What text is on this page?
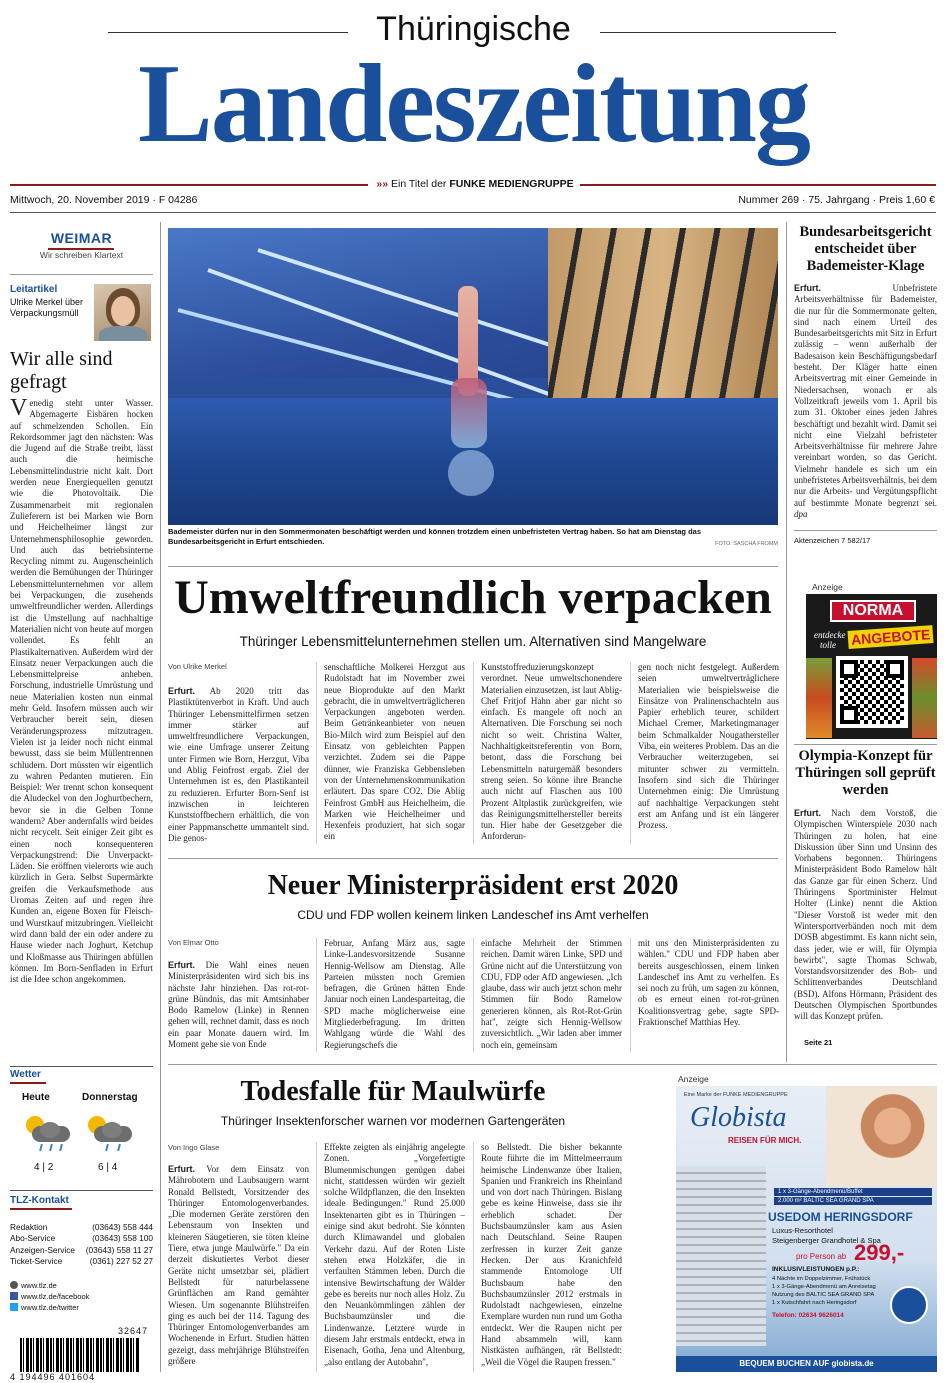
Thüringische
Landeszeitung
»» Ein Titel der FUNKE MEDIENGRUPPE
Mittwoch, 20. November 2019 · F 04286	Nummer 269 · 75. Jahrgang · Preis 1,60 €
WEIMAR
Wir schreiben Klartext
Leitartikel
Ulrike Merkel über Verpackungsmüll
Wir alle sind gefragt
Venedig steht unter Wasser. Abgemagerte Eisbären hocken auf schmelzenden Schollen. Ein Rekordsommer jagt den nächsten: Was die Jugend auf die Straße treibt, lässt auch die heimische Lebensmittelindustrie nicht kalt. Dort werden neue Energiequellen genutzt wie die Photovoltaik. Die Zusammenarbeit mit regionalen Zulieferern ist bei Marken wie Born und Heichelheimer längst zur Unternehmensphilosophie geworden. Und auch das betriebsinterne Recycling nimmt zu. Augenscheinlich werden die Bemühungen der Thüringer Lebensmittelunternehmen vor allem bei Verpackungen, die zusehends umweltfreundlicher werden. Allerdings ist die Umstellung auf nachhaltige Materialien nicht von heute auf morgen vollendet. Es fehlt an Plastikalternativen. Außerdem wird der Einsatz neuer Verpackungen auch die Lebensmittelpreise anheben. Forschung, industrielle Umrüstung und neue Materialien kosten nun einmal mehr Geld. Insofern müssen auch wir Verbraucher bereit sein, diesen Veränderungsprozess mitzutragen. Vielen ist ja leider noch nicht einmal bewusst, dass sie beim Müllentrennen schludern. Dort müssten wir eigentlich zu wahren Pedanten mutieren. Ein Beispiel: Wer trennt schon konsequent die Aludeckel von den Joghurtbechern, bevor sie in die Gelben Tonne wandern? Aber andernfalls wird beides nicht recycelt. Seit einiger Zeit gibt es einen noch konsequenteren Verpackungstrend: Die Unverpackt-Läden. Sie eröffnen vielerorts wie auch kürzlich in Gera. Selbst Supermärkte greifen die Verkaufsmethode aus Uromas Zeiten auf und regen ihre Kunden an, eigene Boxen für Fleisch- und Wurstkauf mitzubringen. Vielleicht wird dann bald der ein oder andere zu Hause wieder nach Joghurt, Ketchup und Kloßmasse aus Thüringen abfüllen können. Im Born-Senfladen in Erfurt ist die Idee schon angekommen.
Wetter
Heute	Donnerstag
4 | 2	6 | 4
TLZ-Kontakt
Redaktion	(03643) 558 444
Abo-Service	(03643) 558 100
Anzeigen-Service (03643) 558 11 27
Ticket-Service	(0361) 227 52 27
www.tlz.de
www.tlz.de/facebook
www.tlz.de/twitter
32647
4 194496 401604
Bademeister dürfen nur in den Sommermonaten beschäftigt werden und können trotzdem einen unbefristeten Vertrag haben. So hat am Dienstag das Bundesarbeitsgericht in Erfurt entschieden.	FOTO: SASCHA FROMM
Bundesarbeitsgericht entscheidet über Bademeister-Klage
Erfurt.	Unbefristete Arbeitsverhältnisse für Bademeister, die nur für die Sommermonate gelten, sind nach einem Urteil des Bundesarbeitsgerichts mit Sitz in Erfurt zulässig – wenn außerhalb der Badesaison kein Beschäftigungsbedarf besteht. Der Kläger hatte einen Arbeitsvertrag mit einer Gemeinde in Niedersachsen, wonach er als Vollzeitkraft jeweils vom 1. April bis zum 31. Oktober eines jeden Jahres beschäftigt und bezahlt wird. Damit sei nicht eine Vielzahl befristeter Arbeitsverhältnisse für mehrere Jahre vereinbart worden, so das Gericht. Vielmehr handele es sich um ein unbefristetes Arbeitsverhältnis, bei dem nur die Arbeits- und Vergütungspflicht auf bestimmte Monate begrenzt sei. dpa
Aktenzeichen 7 582/17
Umweltfreundlich verpacken
Thüringer Lebensmittelunternehmen stellen um. Alternativen sind Mangelware
Von Ulrike Merkel
Erfurt. Ab 2020 tritt das Plastiktütenverbot in Kraft. Und auch Thüringer Lebensmittelfirmen setzen immer stärker auf umweltfreundlichere Verpackungen, wie eine Umfrage unserer Zeitung unter Firmen wie Born, Herzgut, Viba und Ablig Feinfrost ergab. Ziel der Unternehmen ist es, den Plastikanteil zu reduzieren. Erfurter Born-Senf ist inzwischen in leichteren Kunststoffbechern erhältlich, die von einer Pappmanschette ummantelt sind. Die genos-
senschaftliche Molkerei Herzgut aus Rudolstadt hat im November zwei neue Bioprodukte auf den Markt gebracht, die in umweltverträglicheren Verpackungen angeboten werden. Beim Getränkeanbieter von neuen Bio-Milch wird zum Beispiel auf den Einsatz von gebleichten Pappen verzichtet. Zudem sei die Pappe dünner, wie Franziska Gebbensleben von der Unternehmenskommunikation erläutert. Das spare CO2. Die Ablig Feinfrost GmbH aus Heichelheim, die Marken wie Heichelheimer und Hexenfeis produziert, hat sich sogar ein
Kunststoffreduzierungskonzept verordnet. Neue umweltschonendere Materialien einzusetzen, ist laut Ablig-Chef Fritjof Hahn aber gar nicht so einfach. Es mangele oft noch an Alternativen. Die Forschung sei noch nicht so weit. Christina Walter, Nachhaltigkeitsreferentin von Born, betont, dass die Forschung bei Lebensmitteln naturgemäß besonders streng seien. So könne ihre Branche auch nicht auf Flaschen aus 100 Prozent Altplastik zurückgreifen, wie das Reinigungsmittelhersteller bereits tun. Hier habe der Gesetzgeber die Anforderun-
gen noch nicht festgelegt. Außerdem seien umweltverträglichere Materialien wie beispielsweise die Einsätze von Pralinenschachteln aus Papier erheblich teurer, schildert Michael Cremer, Marketingmanager beim Schmalkalder Nougathersteller Viba, ein weiteres Problem. Das an die Verbraucher weiterzugeben, sei mitunter schwer zu vermitteln. Insofern sind sich die Thüringer Unternehmen einig: Die Umrüstung auf nachhaltige Verpackungen steht erst am Anfang und ist ein längerer Prozess.
Anzeige
NORMA
entdecke
tolle ANGEBOTE
Olympia-Konzept für Thüringen soll geprüft werden
Erfurt. Nach dem Vorstoß, die Olympischen Winterspiele 2030 nach Thüringen zu holen, hat eine Diskussion über Sinn und Unsinn des Vorhabens begonnen. Thüringens Ministerpräsident Bodo Ramelow hält das Ganze gar für einen Scherz. Und Thüringens Sportminister Helmut Holter (Linke) nennt die Aktion "Dieser Vorstoß ist weder mit den Wintersportverbänden noch mit dem DOSB abgestimmt. Es kann nicht sein, dass jeder, wie er will, für Olympia bewirbt", sagte Thomas Schwab, Vorstandsvorsitzender des Bob- und Schlittenverbandes Deutschland (BSD). Alfons Hörmann, Präsident des Deutschen Olympischen Sportbundes will das Konzept prüfen.
Seite 21
Neuer Ministerpräsident erst 2020
CDU und FDP wollen keinem linken Landeschef ins Amt verhelfen
Von Elmar Otto
Erfurt. Die Wahl eines neuen Ministerpräsidenten wird sich bis ins nächste Jahr hinziehen. Das rot-rot-grüne Bündnis, das mit Amtsinhaber Bodo Ramelow (Linke) in Rennen gehen will, rechnet damit, dass es noch ein paar Monate dauern wird. Im Moment gehe sie von Ende
Februar, Anfang März aus, sagte Linke-Landesvorsitzende Susanne Hennig-Wellsow am Dienstag. Alle Parteien müssten noch Gremien befragen, die Grünen hätten Ende Januar noch einen Landesparteitag, die SPD mache möglicherweise eine Mitgliederbefragung. Im dritten Wahlgang würde die Wahl des Regierungschefs die
einfache Mehrheit der Stimmen reichen. Damit wären Linke, SPD und Grüne nicht auf die Unterstützung von CDU, FDP oder AfD angewiesen. „Ich glaube, dass wir auch jetzt schon mehr Stimmen für Bodo Ramelow generieren können, als Rot-Rot-Grün hat", zeigte sich Hennig-Wellsow zuversichtlich. „Wir laden aber immer noch ein, gemeinsam
mit uns den Ministerpräsidenten zu wählen." CDU und FDP haben aber bereits ausgeschlossen, einem linken Landeschef ins Amt zu verhelfen. Es sei noch zu früh, um sagen zu können, ob es erneut einen rot-rot-grünen Koalitionsvertrag gebe, sagte SPD-Fraktionschef Matthias Hey.
Todesfalle für Maulwürfe
Thüringer Insektenforscher warnen vor modernen Gartengeräten
Von Ingo Glase
Erfurt. Vor dem Einsatz von Mährobotern und Laubsaugern warnt Ronald Bellstedt, Vorsitzender des Thüringer Entomologenverbandes. „Die modernen Geräte zerstören den Lebensraum von Insekten und kleineren Säugetieren, sie töten kleine Tiere, etwa junge Maulwürfe." Da ein derzeit diskutiertes Verbot dieser Geräte nicht umsetzbar sei, plädiert Bellstedt für naturbelassene Grünflächen am Rand gemähter Wiesen. Um sogenannte Blühstreifen ging es auch bei der 114. Tagung des Thüringer Entomologenverbandes am Wochenende in Erfurt. Studien hätten gezeigt, dass mehrjährige Blühstreifen größere
Effekte zeigten als einjährig angelegte Zonen. „Vorgefertigte Blumenmischungen genügen dabei nicht, stattdessen würden wir gezielt solche Wildpflanzen, die den Insekten ideale Bedingungen." Rund 25.000 Insektenarten gibt es in Thüringen – einige sind akut bedroht. Sie könnten durch Klimawandel und globalen Verkehr dazu. Auf der Roten Liste stehen etwa Holzkäfer, die in verfaulten Stämmen leben. Durch die intensive Bewirtschaftung der Wälder gebe es bereits nur noch alles Holz. Zu den Neuankömmlingen zählen der Buchsbaumzünsler und die Lindenwanze. Letztere wurde in diesem Jahr erstmals entdeckt, etwa in Eisenach, Gotha, Jena und Altenburg, „also entlang der Autobahn",
so Bellstedt. Die bisher bekannte Route führte die im Mittelmeerraum heimische Lindenwanze über Italien, Spanien und Frankreich ins Rheinland und von dort nach Thüringen. Bislang gebe es keine Hinweise, dass sie ihr erheblich schadet. Der Buchsbaumzünsler kam aus Asien nach Deutschland. Seine Raupen zerfressen in kurzer Zeit ganze Hecken. Der aus Kranichfeld stammende Entomologe Ulf Buchsbaum habe den Buchsbaumzünsler 2012 erstmals in Rudolstadt nachgewiesen, einzelne Exemplare wurden nun rund um Gotha entdeckt. Wer die Raupen nicht per Hand absammeln will, kann Nistkästen aufhängen, rät Bellstedt: „Weil die Vögel die Raupen fressen."
Anzeige
Eine Marke der FUNKE MEDIENGRUPPE
Globista
REISEN FÜR MICH.
1 x 3-Gänge-Abendmenü/Buffet
2.000 m² BALTIC SEA GRAND SPA
USEDOM HERINGSDORF
Luxus-Resorthotel
Steigenberger Grandhotel & Spa
pro Person ab 299,-
INKLUSIVLEISTUNGEN p.P.:
4 Nächte im Doppelzimmer, Frühstück
1 x 3-Gänge-Abendmenü am Anreisetag
Nutzung des BALTIC SEA GRAND SPA
1 x Kutschfahrt nach Heringsdorf
Telefon: 02634 9626014
BEQUEM BUCHEN AUF globista.de
